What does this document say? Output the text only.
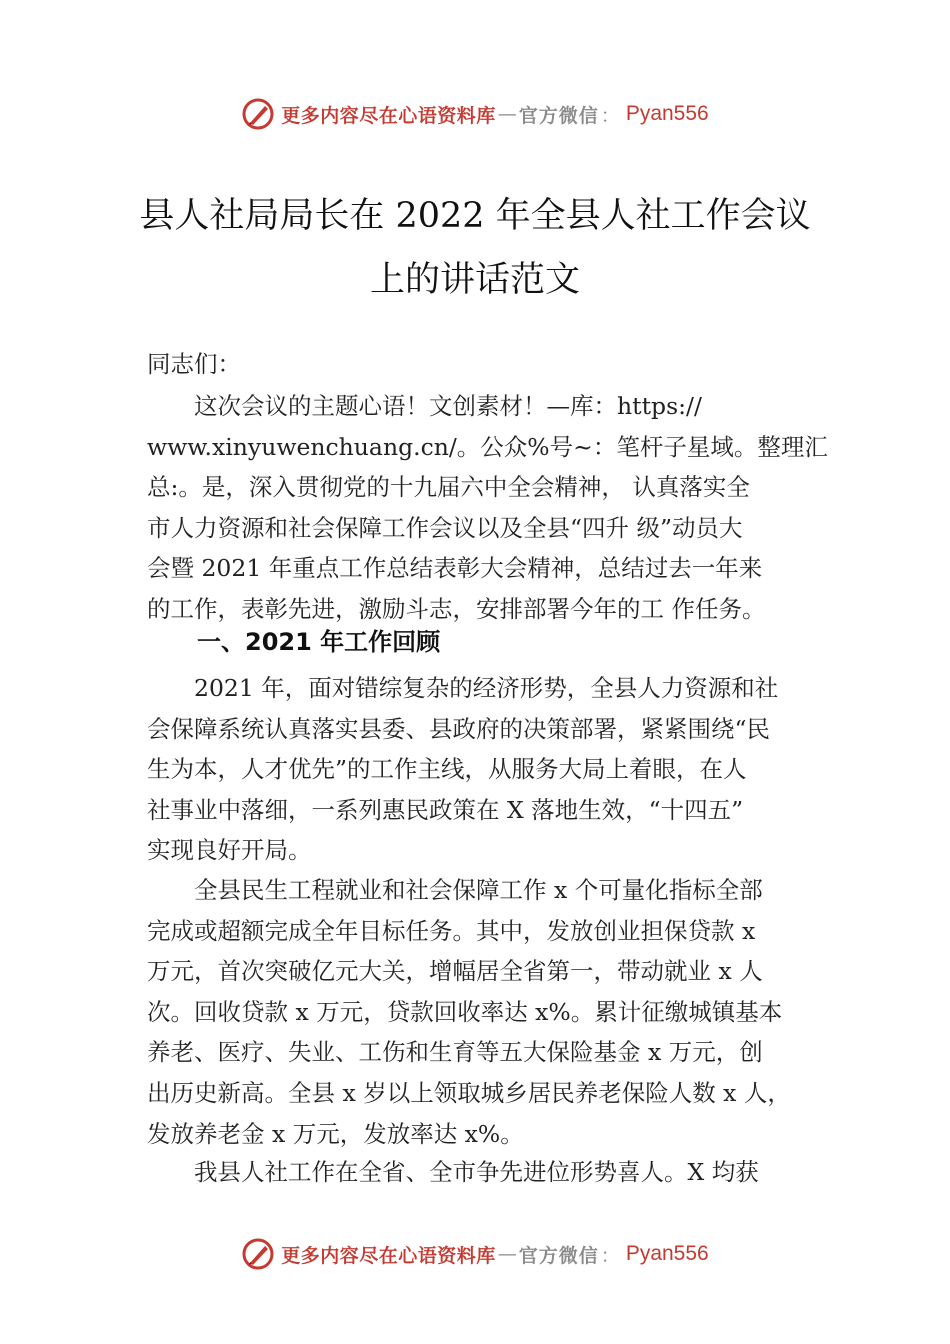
更多内容尽在心语资料库 — 官方微信 ： Pyan556
县人社局局长在 2022 年全县人社工作会议
上的讲话范文
同志们：
　　这次会议的主题心语！文创素材！—库：https://
www.xinyuwenchuang.cn/。公众%号~：笔杆子星域。整理汇
总:。是，深入贯彻党的十九届六中全会精神， 认真落实全
市人力资源和社会保障工作会议以及全县“四升 级”动员大
会暨 2021 年重点工作总结表彰大会精神，总结过去一年来
的工作，表彰先进，激励斗志，安排部署今年的工 作任务。
一、2021 年工作回顾
　　2021 年，面对错综复杂的经济形势，全县人力资源和社
会保障系统认真落实县委、县政府的决策部署，紧紧围绕“民
生为本，人才优先”的工作主线，从服务大局上着眼，在人
社事业中落细，一系列惠民政策在 X 落地生效，“十四五”
实现良好开局。
　　全县民生工程就业和社会保障工作 x 个可量化指标全部
完成或超额完成全年目标任务。其中，发放创业担保贷款 x
万元，首次突破亿元大关，增幅居全省第一，带动就业 x 人
次。回收贷款 x 万元，贷款回收率达 x%。累计征缴城镇基本
养老、医疗、失业、工伤和生育等五大保险基金 x 万元，创
出历史新高。全县 x 岁以上领取城乡居民养老保险人数 x 人，
发放养老金 x 万元，发放率达 x%。
　　我县人社工作在全省、全市争先进位形势喜人。X 均获
更多内容尽在心语资料库 — 官方微信 ： Pyan556
